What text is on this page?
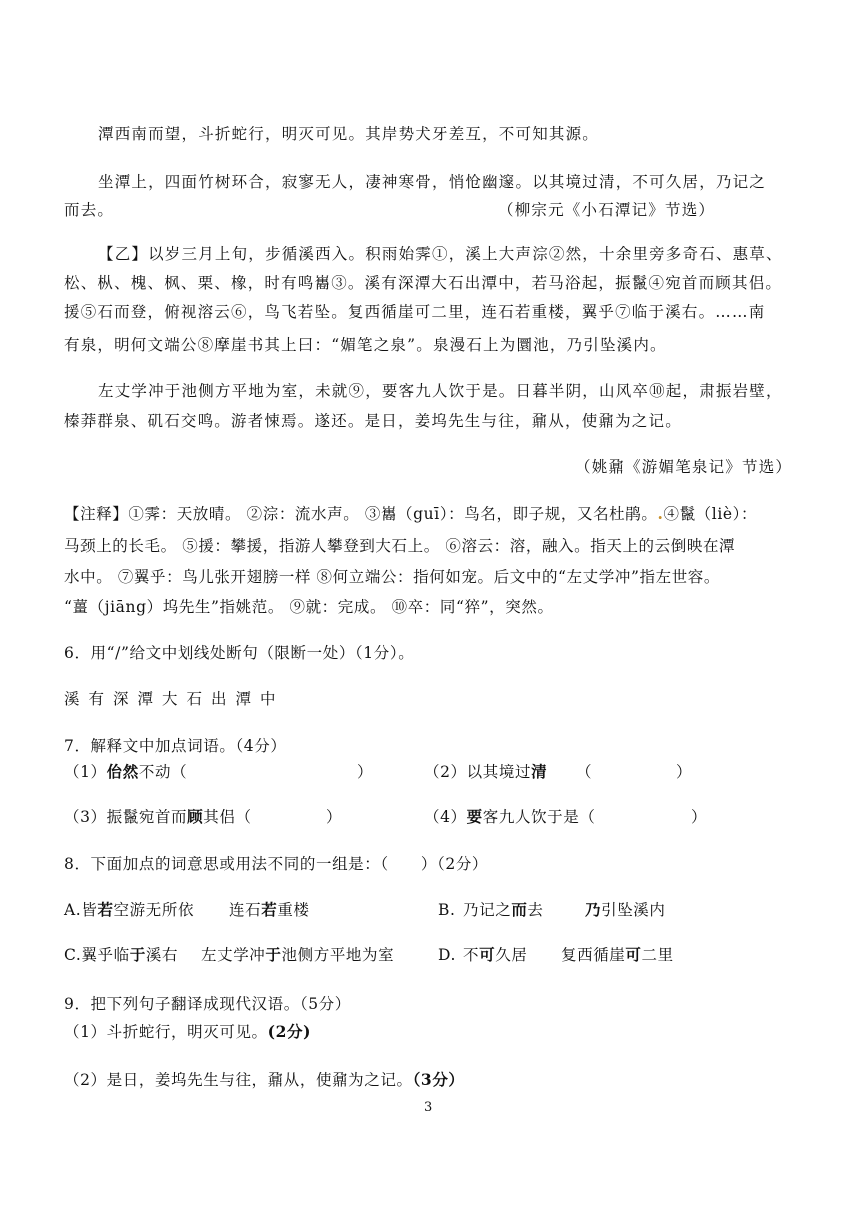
潭西南而望，斗折蛇行，明灭可见。其岸势犬牙差互，不可知其源。
坐潭上，四面竹树环合，寂寥无人，凄神寒骨，悄怆幽邃。以其境过清，不可久居，乃记之
而去。	（柳宗元《小石潭记》节选）
【乙】以岁三月上旬，步循溪西入。积雨始霁①，溪上大声淙②然，十余里旁多奇石、惠草、
松、枞、槐、枫、栗、橡，时有鸣巂③。溪有深潭大石出潭中，若马浴起，振鬣④宛首而顾其侣。
援⑤石而登，俯视溶云⑥，鸟飞若坠。复西循崖可二里，连石若重楼，翼乎⑦临于溪右。……南
有泉，明何文端公⑧摩崖书其上曰：“媚笔之泉”。泉漫石上为圜池，乃引坠溪内。
左丈学冲于池侧方平地为室，未就⑨，要客九人饮于是。日暮半阴，山风卒⑩起，肃振岩壁，
榛莽群泉、矶石交鸣。游者悚焉。遂还。是日，姜坞先生与往，鼐从，使鼐为之记。
（姚鼐《游媚笔泉记》节选）
【注释】①霁：天放晴。 ②淙：流水声。 ③巂（guī）：鸟名，即子规，又名杜鹃。.④鬣（liè）：
马颈上的长毛。 ⑤援：攀援，指游人攀登到大石上。 ⑥溶云：溶，融入。指天上的云倒映在潭
水中。 ⑦翼乎：鸟儿张开翅膀一样 ⑧何立端公：指何如宠。后文中的“左丈学冲”指左世容。
“薑（jiāng）坞先生”指姚范。 ⑨就：完成。 ⑩卒：同“猝”，突然。
6．用“/”给文中划线处断句（限断一处）（1分）。
溪有深潭大石出潭中
7．解释文中加点词语。（4分）
（1）佁然不动（	）	（2）以其境过清 （	）
（3）振鬣宛首而顾其侣（	）	（4）要客九人饮于是（	）
8．下面加点的词意思或用法不同的一组是：（　　）（2分）
A.皆若空游无所依 连石若重楼	B. 乃记之而去	乃引坠溪内
C.翼乎临于溪右 左丈学冲于池侧方平地为室	D. 不可久居 复西循崖可二里
9．把下列句子翻译成现代汉语。（5分）
（1）斗折蛇行，明灭可见。(2分)
（2）是日，姜坞先生与往，鼐从，使鼐为之记。（3分）
3
